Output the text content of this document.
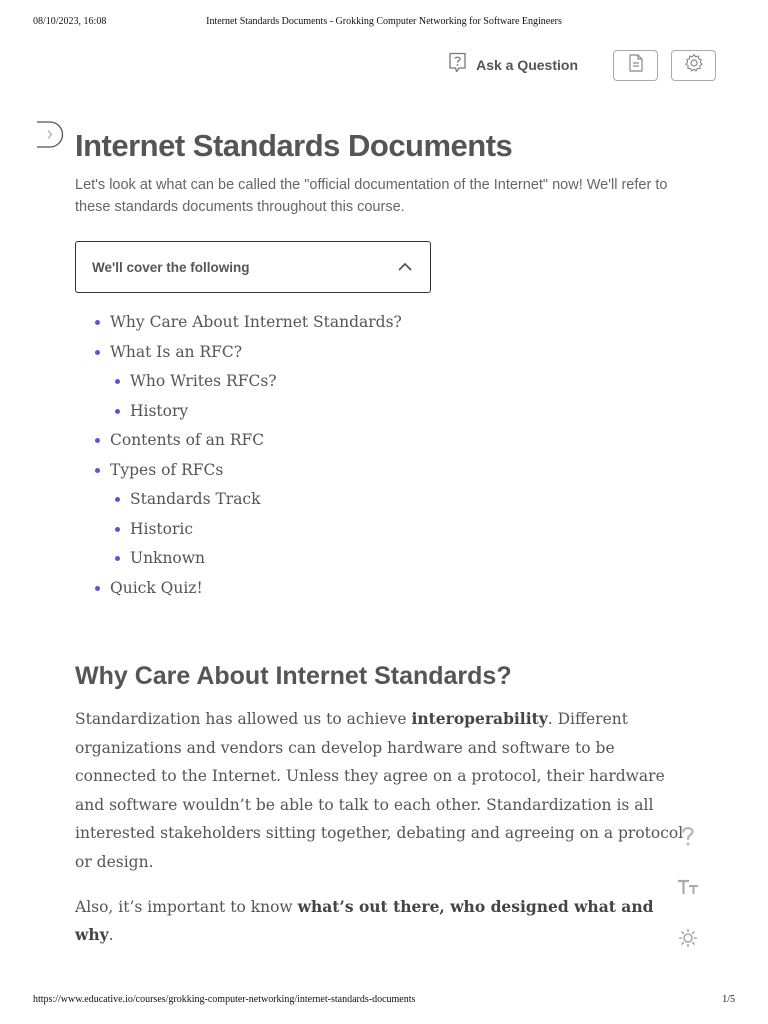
08/10/2023, 16:08	Internet Standards Documents - Grokking Computer Networking for Software Engineers
Ask a Question
Internet Standards Documents

Let's look at what can be called the "official documentation of the Internet" now! We'll refer to these standards documents throughout this course.

We'll cover the following
Why Care About Internet Standards?
What Is an RFC?
Who Writes RFCs?
History
Contents of an RFC
Types of RFCs
Standards Track
Historic
Unknown
Quick Quiz!
Why Care About Internet Standards?

Standardization has allowed us to achieve interoperability. Different organizations and vendors can develop hardware and software to be connected to the Internet. Unless they agree on a protocol, their hardware and software wouldn’t be able to talk to each other. Standardization is all interested stakeholders sitting together, debating and agreeing on a protocol or design.

Also, it’s important to know what’s out there, who designed what and why.

https://www.educative.io/courses/grokking-computer-networking/internet-standards-documents	1/5
